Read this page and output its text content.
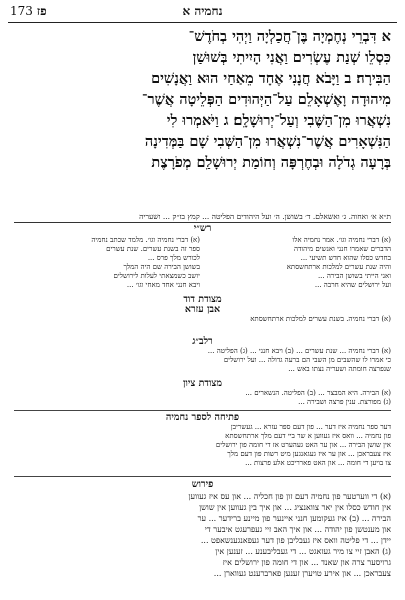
173 פז	נחמיה א
א דִּבְרֵי נְחֶמְיָה בֶּן־חֲכַלְיָה וַיְהִי בְחֹדֶשׁ־
כִּסְלֵו שְׁנַת עֶשְׂרִים וַאֲנִי הָיִיתִי בְּשׁוּשַׁן
הַבִּירָה׃ ב וַיָּבֹא חֲנָנִי אֶחָד מֵאַחַי הוּא וַאֲנָשִׁים
מִיהוּדָה וָאֶשְׁאָלֵם עַל־הַיְּהוּדִים הַפְּלֵיטָה אֲשֶׁר־
נִשְׁאֲרוּ מִן־הַשֶּׁבִי וְעַל־יְרוּשָׁלָ͏ִם׃ ג וַיֹּאמְרוּ לִי
הַנִּשְׁאָרִים אֲשֶׁר־נִשְׁאֲרוּ מִן־הַשְּׁבִי שָׁם בַּמְּדִינָה
בְּרָעָה גְדֹלָה וּבְחֶרְפָּה וְחוֹמַת יְרוּשָׁלַ͏ִם מְפֹרָצֶת
ת״א א׳ ואחוה. ג׳ ואשאלם. ד׳ בשושן. ה׳ ועל היהודים הפליטה ... קמץ בז״ק ... ושעריה
רש״י
(א) דברי נחמיה וגו׳. אמר נחמיה אלו
הדברים שאמרו חנני ואנשים מיהודה
בחדש כסלו שהוא חדש תשיעי ...
והיה שנת עשרים למלכות ארתחשסתא
ואני הייתי בשושן הבירה ...
ועל ירושלים שהיא חרבה ...
(א) דברי נחמיה וגו׳. מלמד שכתב נחמיה
ספר זה בשנת עשרים. שנת עשרים
לכורש מלך פרס ...
בשושן הבירה שם היה המלך
יושב כשמצאתי לעלות לירושלים
ויבא חנני אחד מאחי וגו׳ ...
מצודת דוד
אבן עזרא
(א) דברי נחמיה. בשנת עשרים למלכות ארתחשסתא
רלב״ג
(א) דברי נחמיה ... שנת עשרים ... (ב) ויבא חנני ... (ג) הפליטה ...
כי אמרו לו שהשבים מן השבי הם ברעה גדולה ... ועל ירושלים
שנפרצה חומתה ושעריה נצתו באש ...
מצודת ציון
(א) הבירה. היא המבצר ... (ב) הפליטה. הנשארים ...
(ג) מפורצת. ענין פרצה ושבירה ...
פתיחה לספר נחמיה
דער ספר נחמיה איז דער ... פון דעם ספר עזרא ... געשריבן
פון נחמיה ... וואס איז געווען א שר ביי דעם מלך ארתחשסתא
אין שושן הבירה ... און ער האט געהערט אז די חומה פון ירושלים
איז צעבראכן ... און ער איז געגאנגען מיט רשות פון דעם מלך
צו בויען די חומה ... און האט פארריכט אלע פרצות ...
פירוש
(א) די ווערטער פון נחמיה דעם זון פון חכליה ... און עס איז געווען
אין חודש כסלו אין יאר צוואנציג ... און איך בין געווען אין שושן
הבירה ... (ב) איז געקומען חנני איינער פון מיינע ברידער ... ער
און מענטשן פון יהודה ... און איך האב זיי געפרעגט איבער די
יידן ... די פליטה וואס איז געבליבן פון דער געפאנגענשאפט ...
(ג) האבן זיי צו מיר געזאגט ... די געבליבענע ... זענען אין
גרויסער צרה און שאנד ... און די חומה פון ירושלים איז
צעבראכן ... און אירע טויערן זענען פארברענט געווארן ...
